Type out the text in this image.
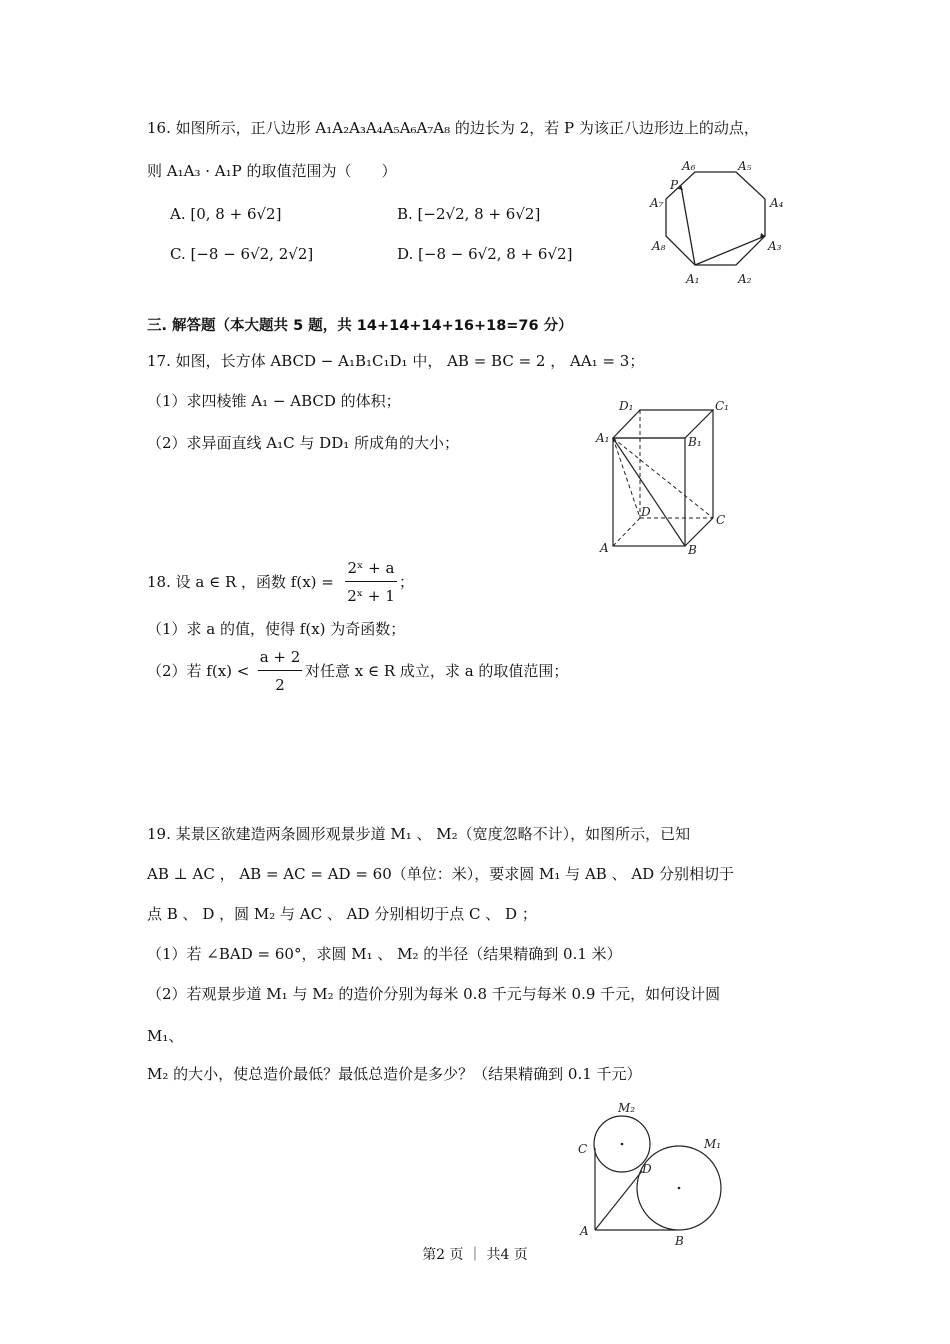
16. 如图所示，正八边形 A₁A₂A₃A₄A₅A₆A₇A₈ 的边长为 2，若 P 为该正八边形边上的动点，
则 A₁A₃ · A₁P 的取值范围为（　　）
A. [0, 8 + 6√2]	B. [−2√2, 8 + 6√2]
C. [−8 − 6√2, 2√2]	D. [−8 − 6√2, 8 + 6√2]
A₁	A₂
A₃
A₄
A₅
A₆
A₇
A₈
P
三. 解答题（本大题共 5 题，共 14+14+14+16+18=76 分）
17. 如图，长方体 ABCD − A₁B₁C₁D₁ 中， AB = BC = 2 ， AA₁ = 3；
（1）求四棱锥 A₁ − ABCD 的体积；
（2）求异面直线 A₁C 与 DD₁ 所成角的大小；
D₁	C₁
A₁	B₁
D
C
A	B
18. 设 a ∈ R ，函数 f(x) =
2ˣ + a
2ˣ + 1
；
（1）求 a 的值，使得 f(x) 为奇函数；
（2）若 f(x) <
a + 2
2
对任意 x ∈ R 成立，求 a 的取值范围；
19. 某景区欲建造两条圆形观景步道 M₁ 、 M₂（宽度忽略不计），如图所示，已知
AB ⊥ AC ， AB = AC = AD = 60（单位：米），要求圆 M₁ 与 AB 、 AD 分别相切于
点 B 、 D ，圆 M₂ 与 AC 、 AD 分别相切于点 C 、 D ；
（1）若 ∠BAD = 60°，求圆 M₁ 、 M₂ 的半径（结果精确到 0.1 米）
（2）若观景步道 M₁ 与 M₂ 的造价分别为每米 0.8 千元与每米 0.9 千元，如何设计圆
M₁、
M₂ 的大小，使总造价最低？最低总造价是多少？（结果精确到 0.1 千元）
M₂
M₁
C
D
A
B
第2 页 ｜ 共4 页
